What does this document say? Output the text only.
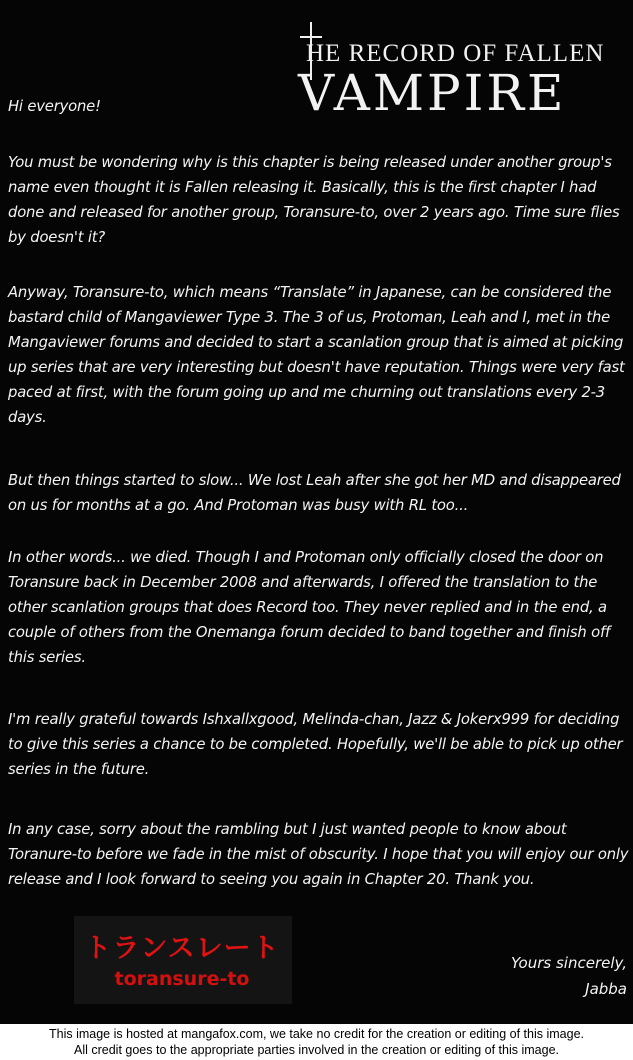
HE RECORD OF FALLEN
VAMPIRE

Hi everyone!

You must be wondering why is this chapter is being released under another group's name even thought it is Fallen releasing it. Basically, this is the first chapter I had done and released for another group, Toransure-to, over 2 years ago. Time sure flies by doesn't it?

Anyway, Toransure-to, which means “Translate” in Japanese, can be considered the bastard child of Mangaviewer Type 3. The 3 of us, Protoman, Leah and I, met in the Mangaviewer forums and decided to start a scanlation group that is aimed at picking up series that are very interesting but doesn't have reputation. Things were very fast paced at first, with the forum going up and me churning out translations every 2-3 days.

But then things started to slow... We lost Leah after she got her MD and disappeared on us for months at a go. And Protoman was busy with RL too...

In other words... we died. Though I and Protoman only officially closed the door on Toransure back in December 2008 and afterwards, I offered the translation to the other scanlation groups that does Record too. They never replied and in the end, a couple of others from the Onemanga forum decided to band together and finish off this series.

I'm really grateful towards Ishxallxgood, Melinda-chan, Jazz & Jokerx999 for deciding to give this series a chance to be completed. Hopefully, we'll be able to pick up other series in the future.

In any case, sorry about the rambling but I just wanted people to know about Toranure-to before we fade in the mist of obscurity. I hope that you will enjoy our only release and I look forward to seeing you again in Chapter 20. Thank you.

トランスレート
toransure-to
Yours sincerely,
Jabba
This image is hosted at mangafox.com, we take no credit for the creation or editing of this image.
All credit goes to the appropriate parties involved in the creation or editing of this image.
